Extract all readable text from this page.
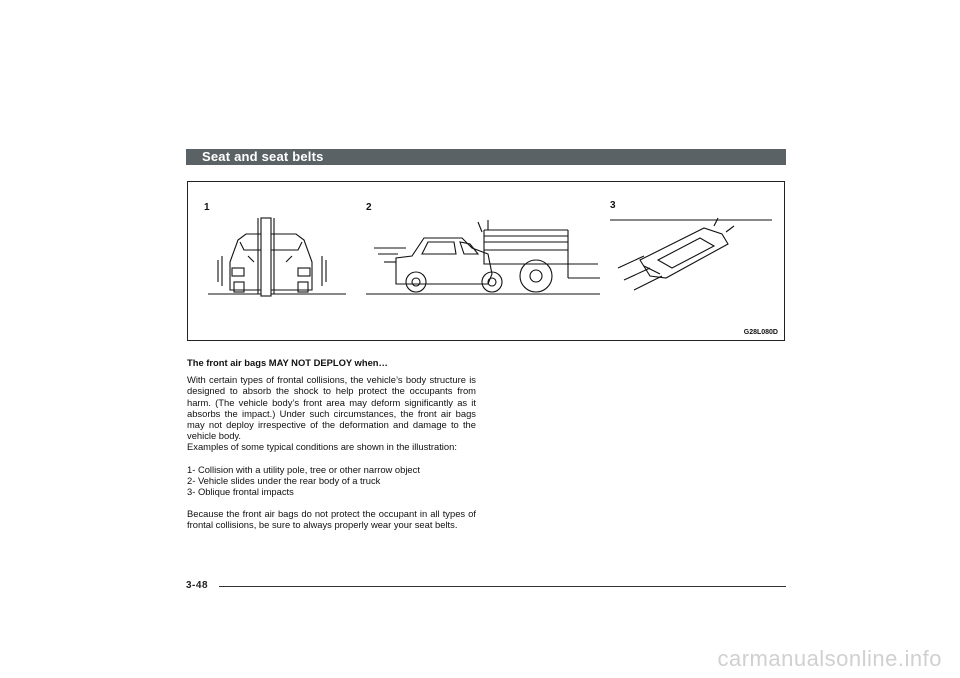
Seat and seat belts
1	2	3
G28L080D

The front air bags MAY NOT DEPLOY when…

With certain types of frontal collisions, the vehicle’s body structure is designed to absorb the shock to help protect the occupants from harm. (The vehicle body’s front area may deform significantly as it absorbs the impact.) Under such circumstances, the front air bags may not deploy irrespective of the deformation and damage to the vehicle body.

Examples of some typical conditions are shown in the illustration:

1- Collision with a utility pole, tree or other narrow object

2- Vehicle slides under the rear body of a truck

3- Oblique frontal impacts

Because the front air bags do not protect the occupant in all types of frontal collisions, be sure to always properly wear your seat belts.

3-48
carmanualsonline.info
